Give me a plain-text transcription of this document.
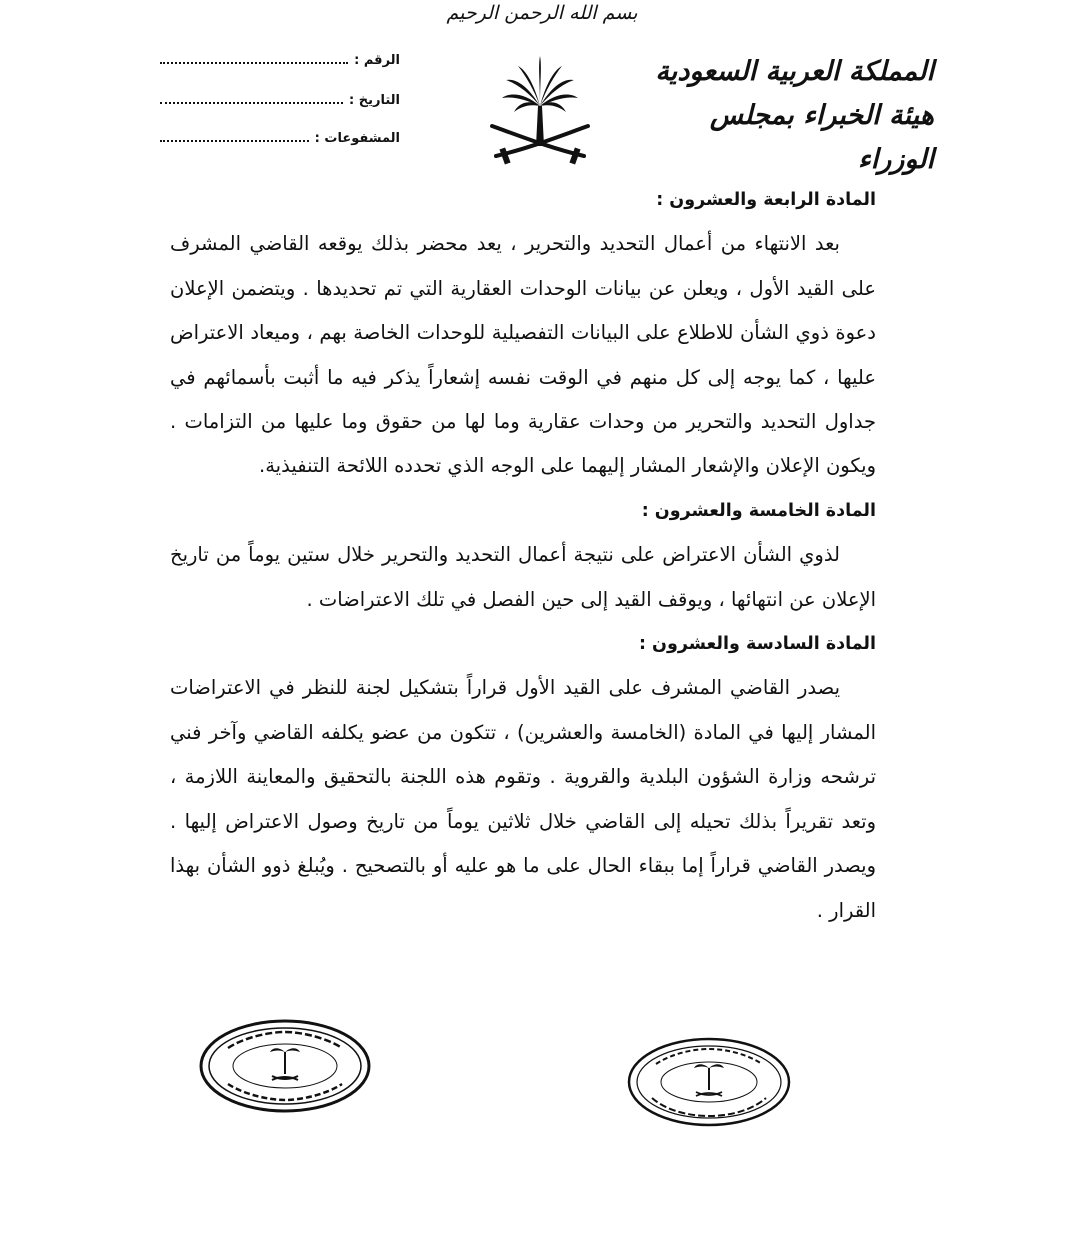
بسم الله الرحمن الرحيم
المملكة العربية السعودية
هيئة الخبراء بمجلس الوزراء
الرقم :
التاريخ :
المشفوعات :

المادة الرابعة والعشرون :

بعد الانتهاء من أعمال التحديد والتحرير ، يعد محضر بذلك يوقعه القاضي المشرف على القيد الأول ، ويعلن عن بيانات الوحدات العقارية التي تم تحديدها . ويتضمن الإعلان دعوة ذوي الشأن للاطلاع على البيانات التفصيلية للوحدات الخاصة بهم ، وميعاد الاعتراض عليها ، كما يوجه إلى كل منهم في الوقت نفسه إشعاراً يذكر فيه ما أثبت بأسمائهم في جداول التحديد والتحرير من وحدات عقارية وما لها من حقوق وما عليها من التزامات . ويكون الإعلان والإشعار المشار إليهما على الوجه الذي تحدده اللائحة التنفيذية.

المادة الخامسة والعشرون :

لذوي الشأن الاعتراض على نتيجة أعمال التحديد والتحرير خلال ستين يوماً من تاريخ الإعلان عن انتهائها ، ويوقف القيد إلى حين الفصل في تلك الاعتراضات .

المادة السادسة والعشرون :

يصدر القاضي المشرف على القيد الأول قراراً بتشكيل لجنة للنظر في الاعتراضات المشار إليها في المادة (الخامسة والعشرين) ، تتكون من عضو يكلفه القاضي وآخر فني ترشحه وزارة الشؤون البلدية والقروية . وتقوم هذه اللجنة بالتحقيق والمعاينة اللازمة ، وتعد تقريراً بذلك تحيله إلى القاضي خلال ثلاثين يوماً من تاريخ وصول الاعتراض إليها . ويصدر القاضي قراراً إما ببقاء الحال على ما هو عليه أو بالتصحيح . ويُبلغ ذوو الشأن بهذا القرار .
